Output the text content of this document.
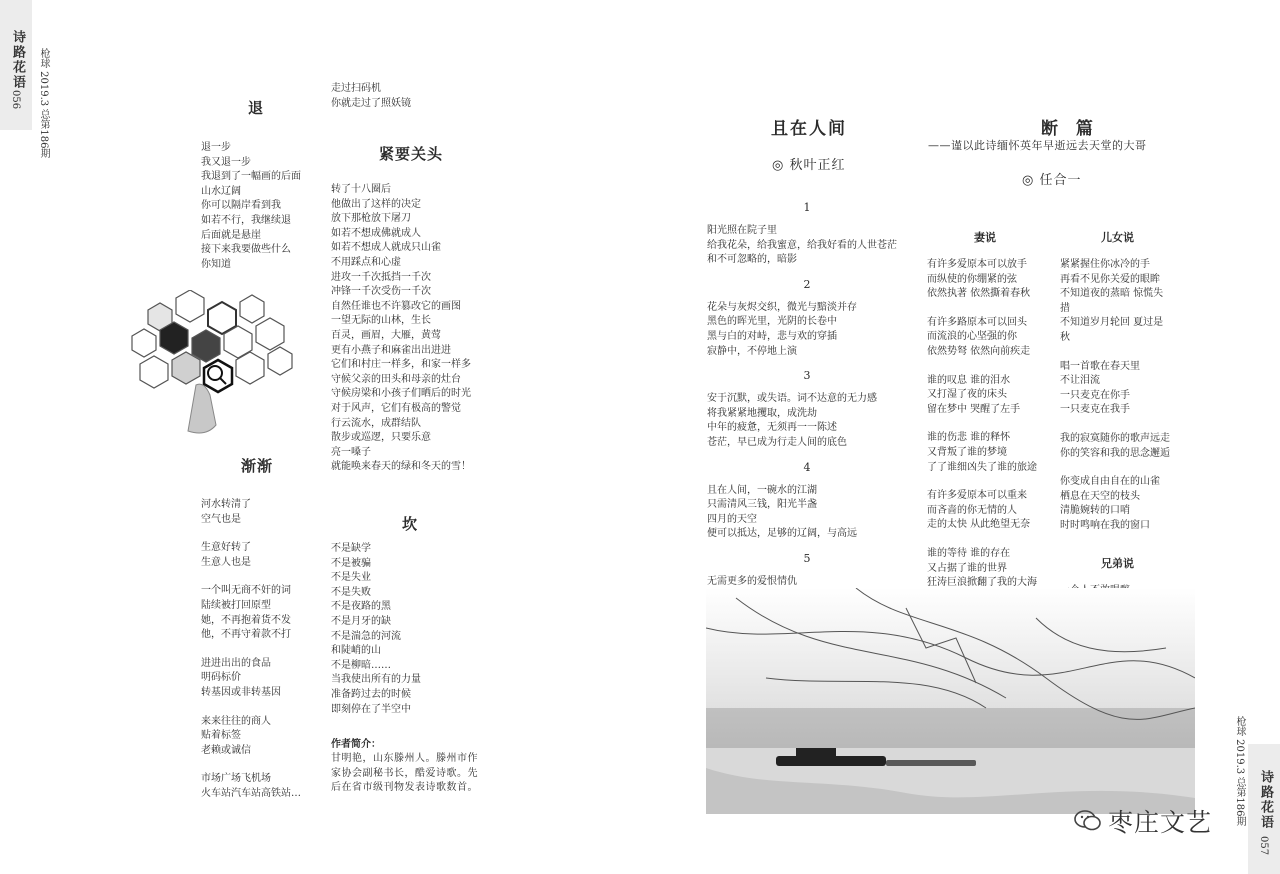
诗路花语 枪球 2019.3 总第186期
056	退
退一步
我又退一步
我退到了一幅画的后面
山水辽阔
你可以隔岸看到我
如若不行，我继续退
后面就是悬崖
接下来我要做些什么
你知道
走过扫码机
你就走过了照妖镜
紧要关头
转了十八圈后
他做出了这样的决定
放下那枪放下屠刀
如若不想成佛就成人
如若不想成人就成只山雀
不用踩点和心虚
进攻一千次抵挡一千次
冲锋一千次受伤一千次
自然任谁也不许篡改它的画图
一望无际的山林，生长
百灵，画眉，大雁，黄莺
更有小燕子和麻雀出出进进
它们和村庄一样多，和家一样多
守候父亲的田头和母亲的灶台
守候房梁和小孩子们晒后的时光
对于风声，它们有极高的警觉
行云流水，成群结队
散步或巡逻，只要乐意
亮一嗓子
就能唤来春天的绿和冬天的雪！
渐渐
河水转清了
空气也是
生意好转了
生意人也是
一个叫无商不奸的词
陆续被打回原型
她，不再抱着货不发
他，不再守着款不打
进进出出的食品
明码标价
转基因或非转基因
来来往往的商人
贴着标签
老赖或诚信
市场广场飞机场
火车站汽车站高铁站…
坎
不是缺学
不是被骗
不是失业
不是失败
不是夜路的黑
不是月牙的缺
不是湍急的河流
和陡峭的山
不是柳暗……
当我使出所有的力量
准备跨过去的时候
即刻停在了半空中
作者简介：
甘明艳，山东滕州人。滕州市作
家协会副秘书长，酷爱诗歌。先
后在省市级刊物发表诗歌数首。
且在人间
◎ 秋叶正红
1
阳光照在院子里
给我花朵，给我蜜意，给我好看的人世苍茫
和不可忽略的，暗影
2
花朵与灰烬交织，微光与黯淡并存
黑色的晖光里，光阴的长卷中
黑与白的对峙，悲与欢的穿插
寂静中，不停地上演
3
安于沉默，或失语。词不达意的无力感
将我紧紧地攫取，成洗劫
中年的疲惫，无须再一一陈述
苍茫，早已成为行走人间的底色
4
且在人间，一碗水的江湖
只需清风三钱，阳光半盏
四月的天空
便可以抵达，足够的辽阔，与高远
5
无需更多的爱恨情仇
断 篇
——谨以此诗缅怀英年早逝远去天堂的大哥
◎ 任合一
妻说
有许多爱原本可以放手
而纵使的你绷紧的弦
依然执著 依然撕着春秋
有许多路原本可以回头
而流浪的心坚强的你
依然势弩 依然向前疾走
谁的叹息 谁的泪水
又打湿了夜的床头
留在梦中 哭醒了左手
谁的伤悲 谁的释怀
又背叛了谁的梦境
了了谁细凶失了谁的旅途
有许多爱原本可以重来
而吝啬的你无情的人
走的太快 从此绝望无奈
谁的等待 谁的存在
又占据了谁的世界
狂涛巨浪掀翻了我的大海
儿女说
紧紧握住你冰冷的手
再看不见你关爱的眼眸
不知道夜的蒸暗 惊慌失
措
不知道岁月轮回 夏过是
秋
唱一首歌在春天里
不让泪流
一只麦克在你手
一只麦克在我手
我的寂寞随你的歌声远走
你的笑容和我的思念邂逅
你变成自由自在的山雀
栖息在天空的枝头
清脆婉转的口哨
时时鸣响在我的窗口
兄弟说
枪球 2019.3 总第186期 诗路花语
057
枣庄文艺
